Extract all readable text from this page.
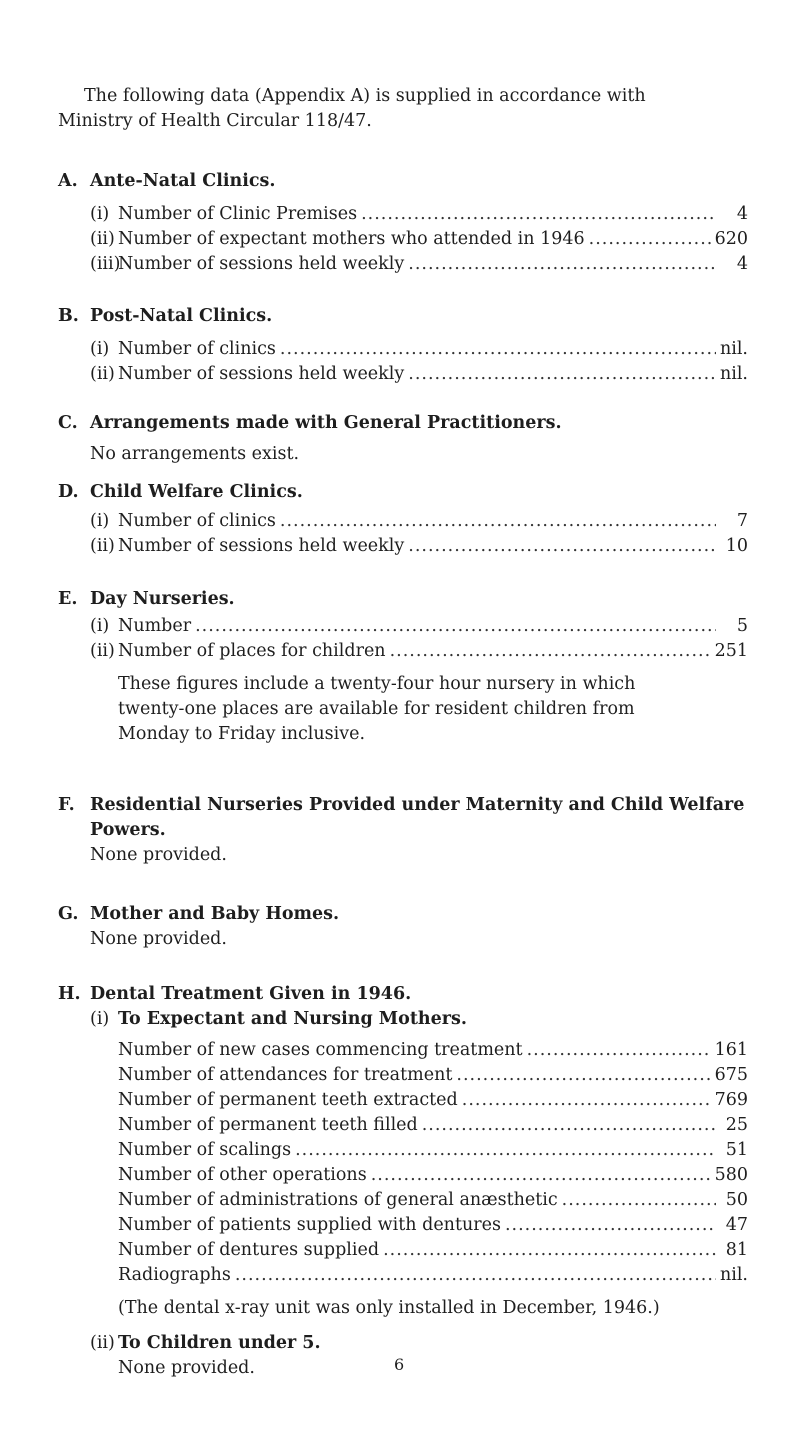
The following data (Appendix A) is supplied in accordance with
Ministry of Health Circular 118/47.
A. Ante-Natal Clinics.
(i) Number of Clinic Premises .....	4
(ii) Number of expectant mothers who attended in 1946 .....	620
(iii)
Number of sessions held weekly .....	4
B. Post-Natal Clinics.
(i) Number of clinics .....	nil.
(ii) Number of sessions held weekly .....	nil.
C. Arrangements made with General Practitioners.
No arrangements exist.
D. Child Welfare Clinics.
(i) Number of clinics .....	7
(ii) Number of sessions held weekly .....	10
E. Day Nurseries.
(i) Number .....	5
(ii) Number of places for children .....	251
These figures include a twenty-four hour nursery in which
twenty-one places are available for resident children from
Monday to Friday inclusive.
F. Residential Nurseries Provided under Maternity and Child Welfare
Powers.
None provided.
G. Mother and Baby Homes.
None provided.
H. Dental Treatment Given in 1946.
(i) To Expectant and Nursing Mothers.
Number of new cases commencing treatment .....	161
Number of attendances for treatment .....	675
Number of permanent teeth extracted .....	769
Number of permanent teeth filled .....	25
Number of scalings .....	51
Number of other operations .....	580
Number of administrations of general anæsthetic .....	50
Number of patients supplied with dentures .....	47
Number of dentures supplied .....	81
Radiographs .....	nil.
(The dental x-ray unit was only installed in December, 1946.)
(ii) To Children under 5.
None provided.	6
